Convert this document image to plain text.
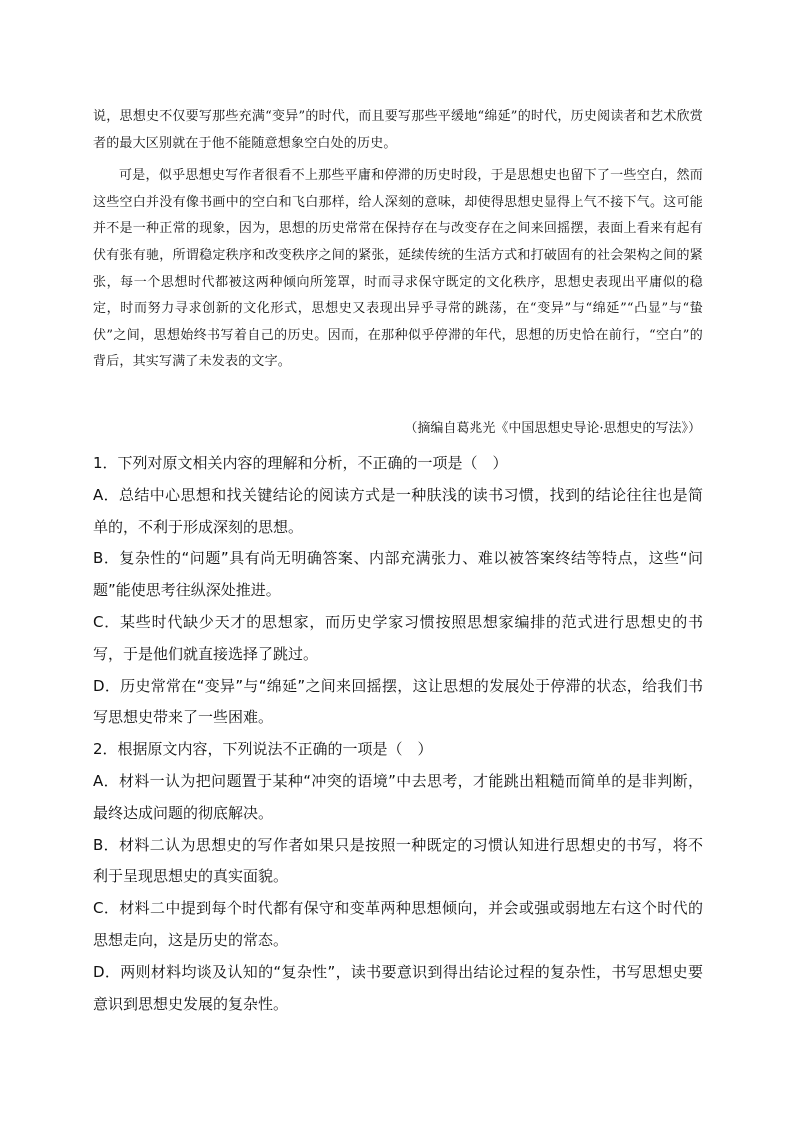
说，思想史不仅要写那些充满“变异”的时代，而且要写那些平缓地“绵延”的时代，历史阅读者和艺术欣赏者的最大区别就在于他不能随意想象空白处的历史。

可是，似乎思想史写作者很看不上那些平庸和停滞的历史时段，于是思想史也留下了一些空白，然而这些空白并没有像书画中的空白和飞白那样，给人深刻的意味，却使得思想史显得上气不接下气。这可能并不是一种正常的现象，因为，思想的历史常常在保持存在与改变存在之间来回摇摆，表面上看来有起有伏有张有驰，所谓稳定秩序和改变秩序之间的紧张，延续传统的生活方式和打破固有的社会架构之间的紧张，每一个思想时代都被这两种倾向所笼罩，时而寻求保守既定的文化秩序，思想史表现出平庸似的稳定，时而努力寻求创新的文化形式，思想史又表现出异乎寻常的跳荡，在“变异”与“绵延”“凸显”与“蛰伏”之间，思想始终书写着自己的历史。因而，在那种似乎停滞的年代，思想的历史恰在前行，“空白”的背后，其实写满了未发表的文字。

（摘编自葛兆光《中国思想史导论·思想史的写法》）

1．下列对原文相关内容的理解和分析，不正确的一项是（　）

A．总结中心思想和找关键结论的阅读方式是一种肤浅的读书习惯，找到的结论往往也是简单的，不利于形成深刻的思想。

B．复杂性的“问题”具有尚无明确答案、内部充满张力、难以被答案终结等特点，这些“问题”能使思考往纵深处推进。

C．某些时代缺少天才的思想家，而历史学家习惯按照思想家编排的范式进行思想史的书写，于是他们就直接选择了跳过。

D．历史常常在“变异”与“绵延”之间来回摇摆，这让思想的发展处于停滞的状态，给我们书写思想史带来了一些困难。

2．根据原文内容，下列说法不正确的一项是（　）

A．材料一认为把问题置于某种“冲突的语境”中去思考，才能跳出粗糙而简单的是非判断，最终达成问题的彻底解决。

B．材料二认为思想史的写作者如果只是按照一种既定的习惯认知进行思想史的书写，将不利于呈现思想史的真实面貌。

C．材料二中提到每个时代都有保守和变革两种思想倾向，并会或强或弱地左右这个时代的思想走向，这是历史的常态。

D．两则材料均谈及认知的“复杂性”，读书要意识到得出结论过程的复杂性，书写思想史要意识到思想史发展的复杂性。
